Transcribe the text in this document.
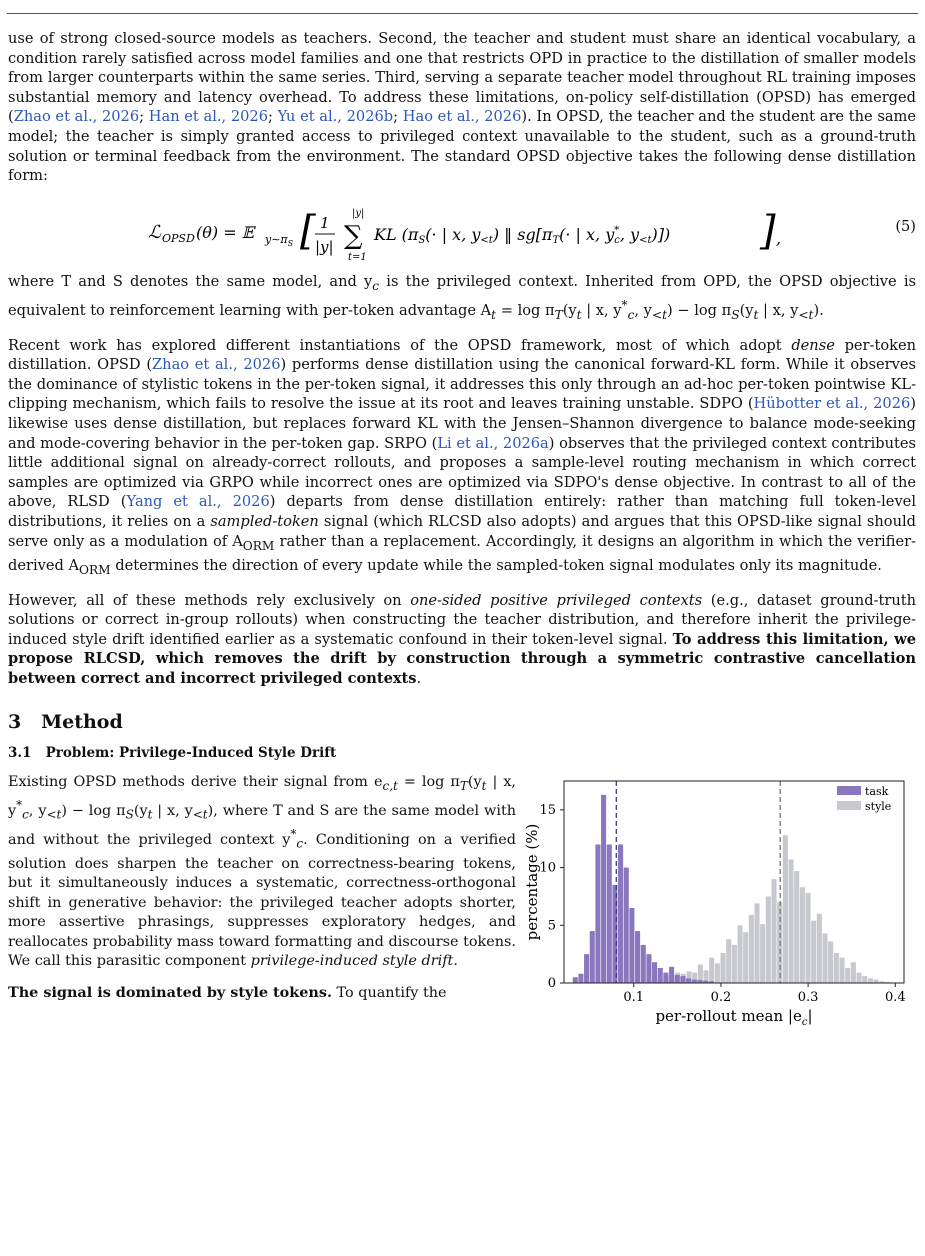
use of strong closed-source models as teachers. Second, the teacher and student must share an identical vocabulary, a condition rarely satisfied across model families and one that restricts OPD in practice to the distillation of smaller models from larger counterparts within the same series. Third, serving a separate teacher model throughout RL training imposes substantial memory and latency overhead. To address these limitations, on-policy self-distillation (OPSD) has emerged (Zhao et al., 2026; Han et al., 2026; Yu et al., 2026b; Hao et al., 2026). In OPSD, the teacher and the student are the same model; the teacher is simply granted access to privileged context unavailable to the student, such as a ground-truth solution or terminal feedback from the environment. The standard OPSD objective takes the following dense distillation form:

ℒ OPSD (θ) = 𝔼 $y\sim\pi_S$ [ 1
|y|
|y|
∑
t=1
KL (πS(· | x, y<t) ‖ sg[πT(· | x, y* c, y<t)]) ] ,
(5)

where T and S denotes the same model, and $y_c$ is the privileged context. Inherited from OPD, the OPSD objective is equivalent to reinforcement learning with per-token advantage $A_t = \log \pi_T(y_t$ | x, $y^*_c$, $y_{<t}) - \log \pi_S(y_t$ | x, $y_{<t}$).

Recent work has explored different instantiations of the OPSD framework, most of which adopt dense per-token distillation. OPSD (Zhao et al., 2026) performs dense distillation using the canonical forward-KL form. While it observes the dominance of stylistic tokens in the per-token signal, it addresses this only through an ad-hoc per-token pointwise KL-clipping mechanism, which fails to resolve the issue at its root and leaves training unstable. SDPO (Hübotter et al., 2026) likewise uses dense distillation, but replaces forward KL with the Jensen–Shannon divergence to balance mode-seeking and mode-covering behavior in the per-token gap. SRPO (Li et al., 2026a) observes that the privileged context contributes little additional signal on already-correct rollouts, and proposes a sample-level routing mechanism in which correct samples are optimized via GRPO while incorrect ones are optimized via SDPO's dense objective. In contrast to all of the above, RLSD (Yang et al., 2026) departs from dense distillation entirely: rather than matching full token-level distributions, it relies on a sampled-token signal (which RLCSD also adopts) and argues that this OPSD-like signal should serve only as a modulation of $A_{ORM}$ rather than a replacement. Accordingly, it designs an algorithm in which the verifier-derived $A_{ORM}$ determines the direction of every update while the sampled-token signal modulates only its magnitude.

However, all of these methods rely exclusively on one-sided positive privileged contexts (e.g., dataset ground-truth solutions or correct in-group rollouts) when constructing the teacher distribution, and therefore inherit the privilege-induced style drift identified earlier as a systematic confound in their token-level signal. To address this limitation, we propose RLCSD, which removes the drift by construction through a symmetric contrastive cancellation between correct and incorrect privileged contexts.

3 Method
3.1 Problem: Privilege-Induced Style Drift

Existing OPSD methods derive their signal from $e_{c,t} = \log \pi_T(y_t$ | x, $y^*_c$, $y_{<t}) - \log \pi_S(y_t$ | x, $y_{<t}$), where T and S are the same model with and without the privileged context $y^*_c$. Conditioning on a verified solution does sharpen the teacher on correctness-bearing tokens, but it simultaneously induces a systematic, correctness-orthogonal shift in generative behavior: the privileged teacher adopts shorter, more assertive phrasings, suppresses exploratory hedges, and reallocates probability mass toward formatting and discourse tokens. We call this parasitic component privilege-induced style drift.

0.1	0.2	0.3	0.4
0
5
10
15
per-rollout mean $|e_c|$
percentage (%)
task
style
The signal is dominated by style tokens. To quantify the
